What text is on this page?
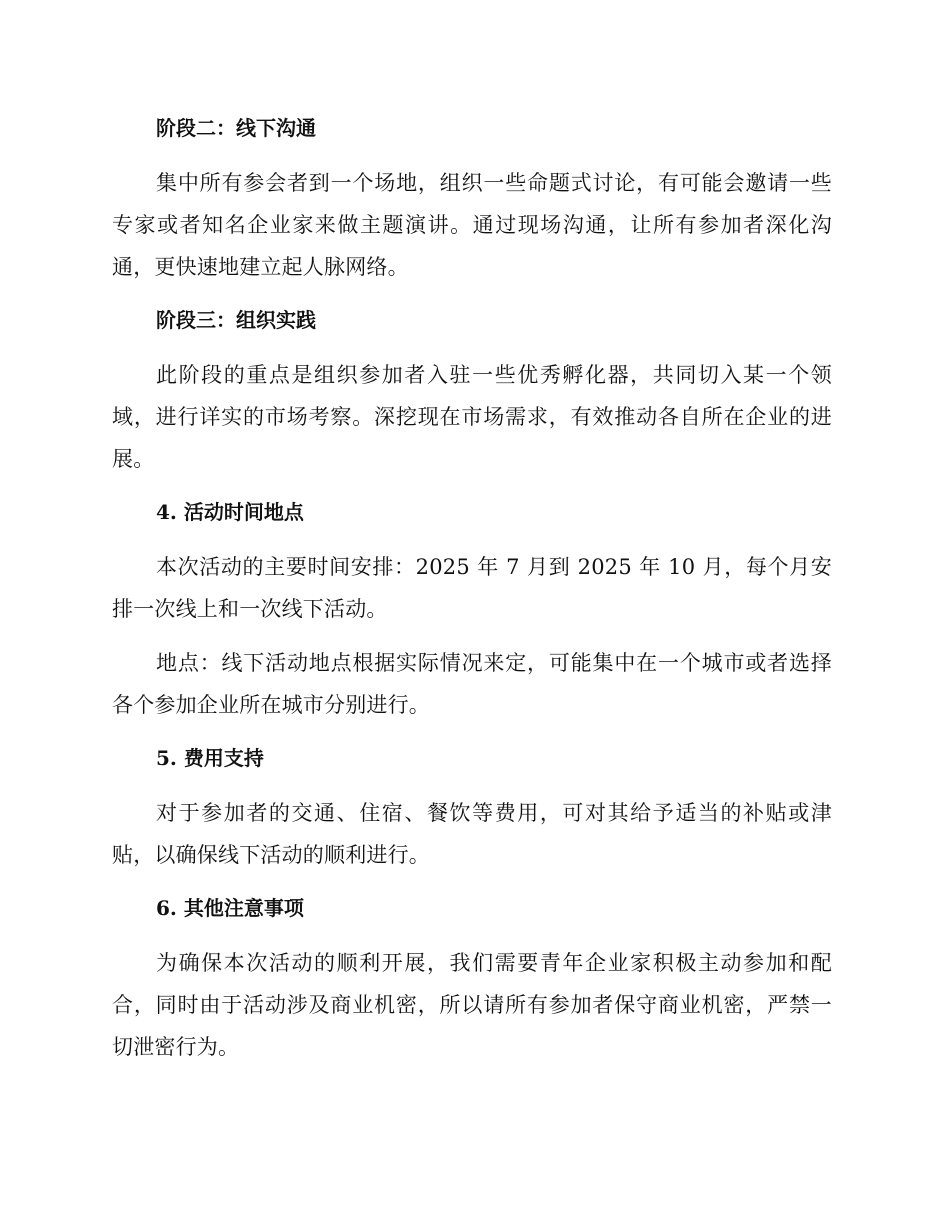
阶段二：线下沟通

集中所有参会者到一个场地，组织一些命题式讨论，有可能会邀请一些专家或者知名企业家来做主题演讲。通过现场沟通，让所有参加者深化沟通，更快速地建立起人脉网络。

阶段三：组织实践

此阶段的重点是组织参加者入驻一些优秀孵化器，共同切入某一个领域，进行详实的市场考察。深挖现在市场需求，有效推动各自所在企业的进展。

4. 活动时间地点

本次活动的主要时间安排：2025 年 7 月到 2025 年 10 月，每个月安排一次线上和一次线下活动。

地点：线下活动地点根据实际情况来定，可能集中在一个城市或者选择各个参加企业所在城市分别进行。

5. 费用支持

对于参加者的交通、住宿、餐饮等费用，可对其给予适当的补贴或津贴，以确保线下活动的顺利进行。

6. 其他注意事项

为确保本次活动的顺利开展，我们需要青年企业家积极主动参加和配合，同时由于活动涉及商业机密，所以请所有参加者保守商业机密，严禁一切泄密行为。
